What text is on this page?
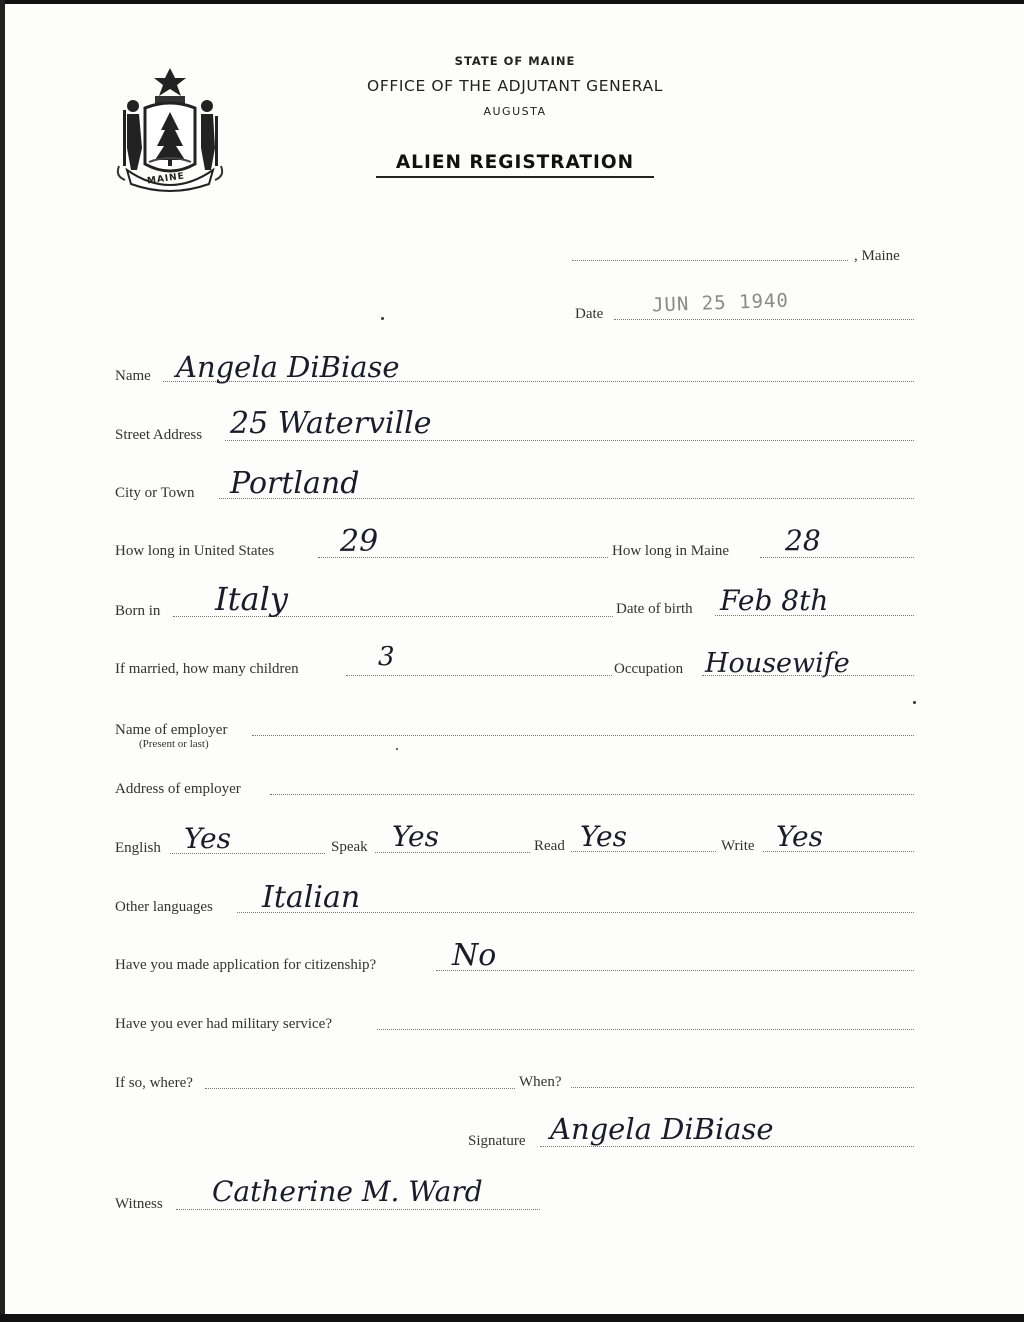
MAINE
STATE OF MAINE
OFFICE OF THE ADJUTANT GENERAL
AUGUSTA
ALIEN REGISTRATION
, Maine
Date	JUN 25 1940
Name Angela DiBiase
Street Address 25 Waterville
City or Town Portland
How long in United States 29	How long in Maine 28
Born in Italy	Date of birth Feb 8th
If married, how many children	3	Occupation Housewife
Name of employer
(Present or last)
Address of employer
English Yes	Speak Yes	Read Yes	Write Yes
Other languages Italian
Have you made application for citizenship?	No
Have you ever had military service?
If so, where?	When?
Signature Angela DiBiase
Witness Catherine M. Ward
